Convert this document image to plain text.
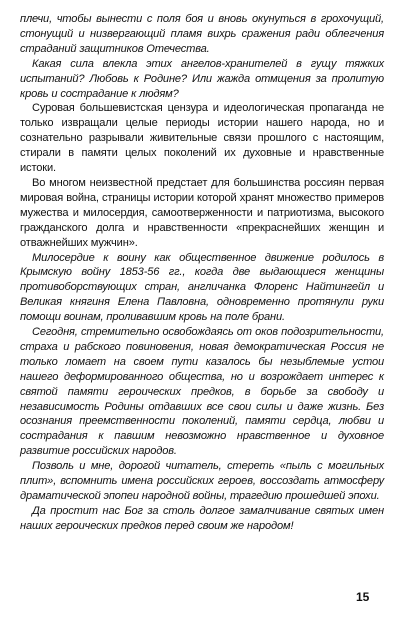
плечи, чтобы вынести с поля боя и вновь окунуться в грохочущий, стонущий и низвергающий пламя вихрь сражения ради облегчения страданий защитников Отечества.

Какая сила влекла этих ангелов-хранителей в гущу тяжких испытаний? Любовь к Родине? Или жажда отмщения за пролитую кровь и сострадание к людям?

Суровая большевистская цензура и идеологическая пропаганда не только извращали целые периоды истории нашего народа, но и сознательно разрывали живительные связи прошлого с настоящим, стирали в памяти целых поколений их духовные и нравственные истоки.

Во многом неизвестной предстает для большинства россиян первая мировая война, страницы истории которой хранят множество примеров мужества и милосердия, самоотверженности и патриотизма, высокого гражданского долга и нравственности «прекраснейших женщин и отважнейших мужчин».

Милосердие к воину как общественное движение родилось в Крымскую войну 1853-56 гг., когда две выдающиеся женщины противоборствующих стран, англичанка Флоренс Найтингейл и Великая княгиня Елена Павловна, одновременно протянули руки помощи воинам, проливавшим кровь на поле брани.

Сегодня, стремительно освобождаясь от оков подозрительности, страха и рабского повиновения, новая демократическая Россия не только ломает на своем пути казалось бы незыблемые устои нашего деформированного общества, но и возрождает интерес к святой памяти героических предков, в борьбе за свободу и независимость Родины отдавших все свои силы и даже жизнь. Без осознания преемственности поколений, памяти сердца, любви и сострадания к павшим невозможно нравственное и духовное развитие российских народов.

Позволь и мне, дорогой читатель, стереть «пыль с могильных плит», вспомнить имена российских героев, воссоздать атмосферу драматической эпопеи народной войны, трагедию прошедшей эпохи.

Да простит нас Бог за столь долгое замалчивание святых имен наших героических предков перед своим же народом!

15
